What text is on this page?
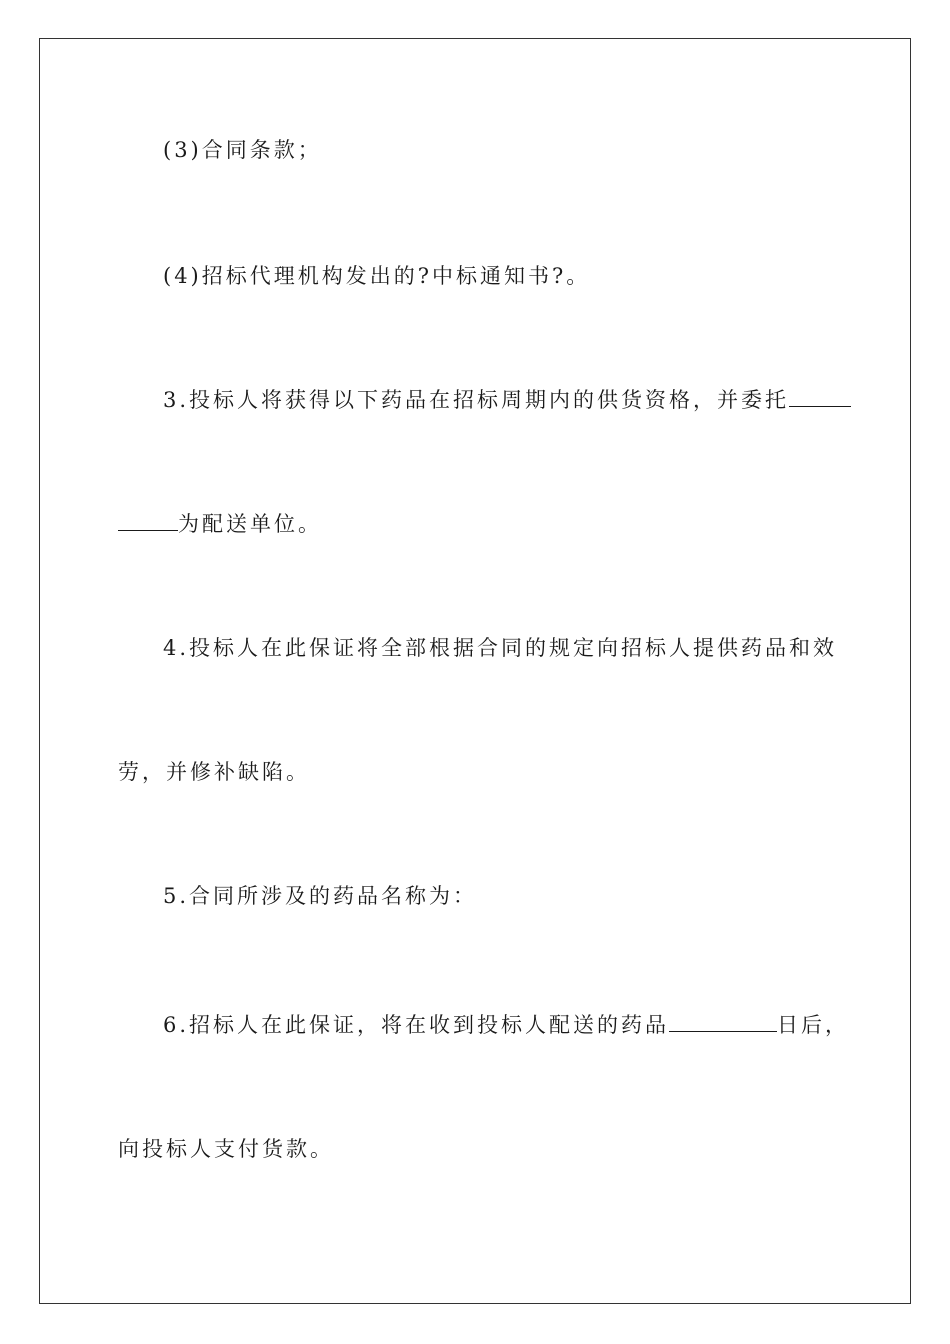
(3)合同条款；
(4)招标代理机构发出的?中标通知书?。
3.投标人将获得以下药品在招标周期内的供货资格，并委托
为配送单位。
4.投标人在此保证将全部根据合同的规定向招标人提供药品和效
劳，并修补缺陷。
5.合同所涉及的药品名称为：
6.招标人在此保证，将在收到投标人配送的药品	日后，
向投标人支付货款。
